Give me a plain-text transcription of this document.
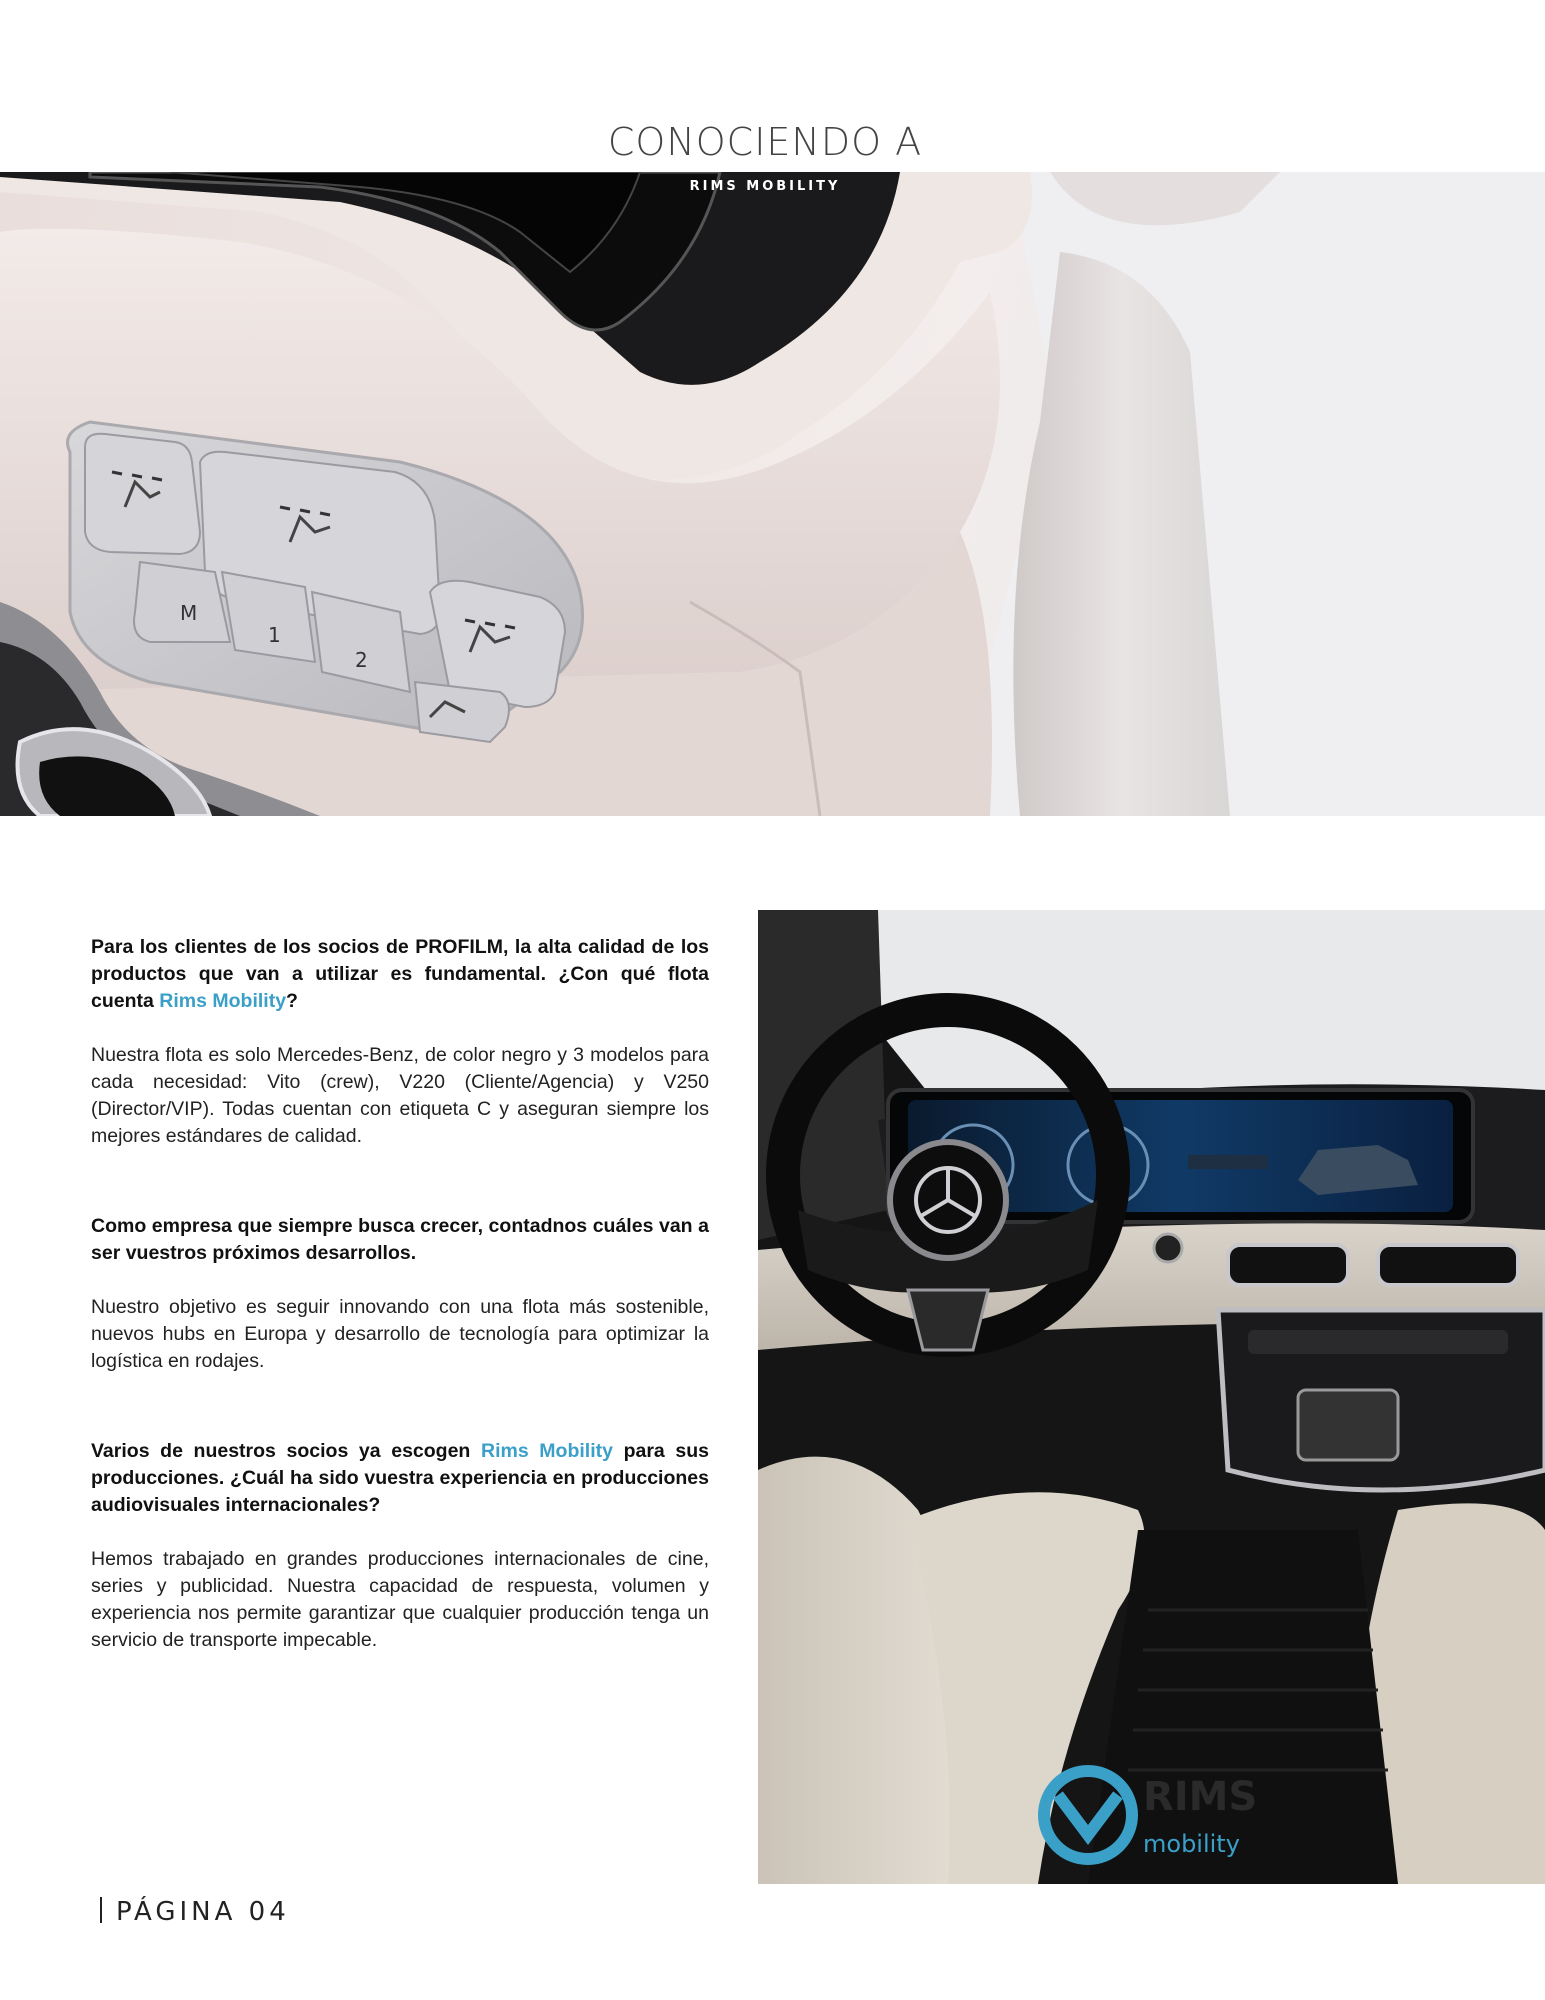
CONOCIENDO A
RIMS MOBILITY
M
1
2

Para los clientes de los socios de PROFILM, la alta calidad de los productos que van a utilizar es fundamental. ¿Con qué flota cuenta Rims Mobility?

Nuestra flota es solo Mercedes-Benz, de color negro y 3 modelos para cada necesidad: Vito (crew), V220 (Cliente/Agencia) y V250 (Director/VIP). Todas cuentan con etiqueta C y aseguran siempre los mejores estándares de calidad.

Como empresa que siempre busca crecer, contadnos cuáles van a ser vuestros próximos desarrollos.

Nuestro objetivo es seguir innovando con una flota más sostenible, nuevos hubs en Europa y desarrollo de tecnología para optimizar la logística en rodajes.

Varios de nuestros socios ya escogen Rims Mobility para sus producciones. ¿Cuál ha sido vuestra experiencia en producciones audiovisuales internacionales?

Hemos trabajado en grandes producciones internacionales de cine, series y publicidad. Nuestra capacidad de respuesta, volumen y experiencia nos permite garantizar que cualquier producción tenga un servicio de transporte impecable.

RIMS
mobility
PÁGINA 04
